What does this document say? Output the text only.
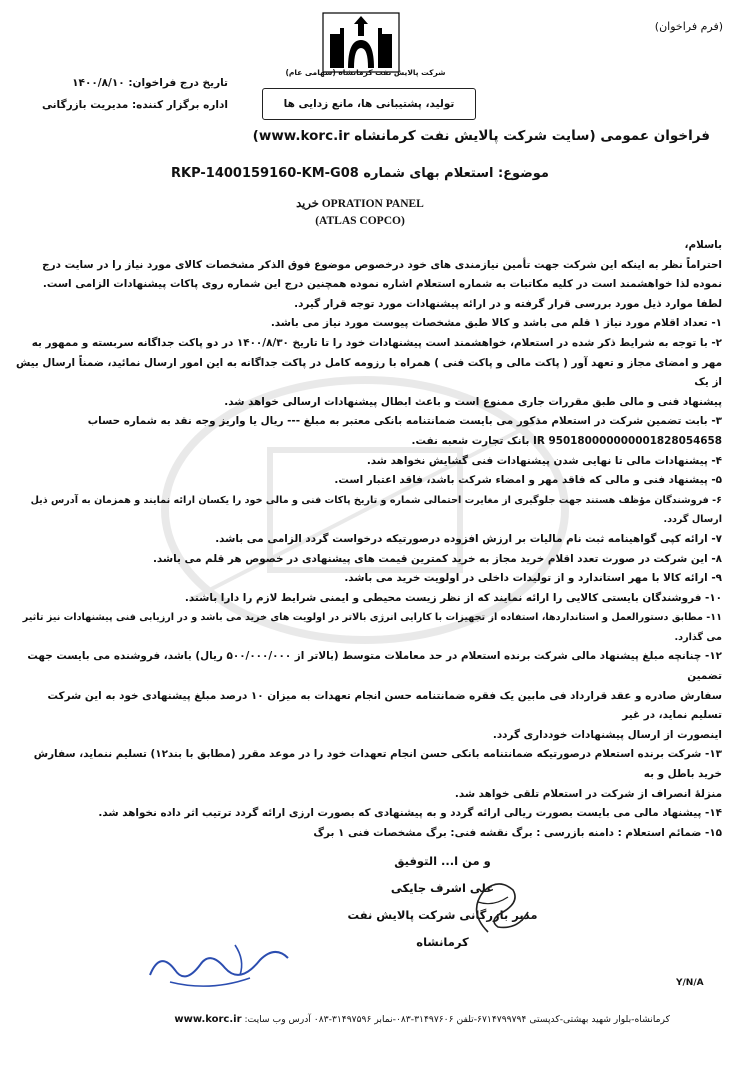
(فرم فراخوان)
شرکت پالایش نفت کرمانشاه (سهامی عام)
تولید، پشتیبانی ها، مانع زدایی ها
تاریخ درج فراخوان: ۱۴۰۰/۸/۱۰
اداره برگزار کننده: مدیریت بازرگانی
فراخوان عمومی (سایت شرکت پالایش نفت کرمانشاه www.korc.ir)
موضوع: استعلام بهای شماره RKP-1400159160-KM-G08
خرید OPRATION PANEL
(ATLAS COPCO)

باسلام،

احتراماً نظر به اینکه این شرکت جهت تأمین نیازمندی های خود درخصوص موضوع فوق الذکر مشخصات کالای مورد نیاز را در سایت درج

نموده لذا خواهشمند است در کلیه مکاتبات به شماره استعلام اشاره نموده همچنین درج این شماره روی پاکات پیشنهادات الزامی است.

لطفا موارد ذیل مورد بررسی قرار گرفته و در ارائه پیشنهادات مورد توجه قرار گیرد.

۱- تعداد اقلام مورد نیاز ۱ قلم می باشد و کالا طبق مشخصات پیوست مورد نیاز می باشد.

۲- با توجه به شرایط ذکر شده در استعلام، خواهشمند است پیشنهادات خود را تا تاریخ ۱۴۰۰/۸/۳۰ در دو پاکت جداگانه سربسته و ممهور به

مهر و امضای مجاز و تعهد آور ( پاکت مالی و پاکت فنی ) همراه با رزومه کامل در پاکت جداگانه به این امور ارسال نمائید، ضمناً ارسال بیش از یک

پیشنهاد فنی و مالی طبق مقررات جاری ممنوع است و باعث ابطال پیشنهادات ارسالی خواهد شد.

۳- بابت تضمین شرکت در استعلام مذکور می بایست ضمانتنامه بانکی معتبر به مبلغ --- ریال یا واریز وجه نقد به شماره حساب

IR 950180000000001828054658 بانک تجارت شعبه نفت.

۴- پیشنهادات مالی تا نهایی شدن پیشنهادات فنی گشایش نخواهد شد.

۵- پیشنهاد فنی و مالی که فاقد مهر و امضاء شرکت باشد، فاقد اعتبار است.

۶- فروشندگان مؤظف هستند جهت جلوگیری از مغایرت احتمالی شماره و تاریخ پاکات فنی و مالی خود را یکسان ارائه نمایند و همزمان به آدرس ذیل ارسال گردد.

۷- ارائه کپی گواهینامه ثبت نام مالیات بر ارزش افزوده درصورتیکه درخواست گردد الزامی می باشد.

۸- این شرکت در صورت تعدد اقلام خرید مجاز به خرید کمترین قیمت های پیشنهادی در خصوص هر قلم می باشد.

۹- ارائه کالا با مهر استاندارد و از تولیدات داخلی در اولویت خرید می باشد.

۱۰- فروشندگان بایستی کالایی را ارائه نمایند که از نظر زیست محیطی و ایمنی شرایط لازم را دارا باشند.

۱۱- مطابق دستورالعمل و استانداردها، استفاده از تجهیزات با کارایی انرژی بالاتر در اولویت های خرید می باشد و در ارزیابی فنی پیشنهادات نیز تاثیر می گذارد.

۱۲- چنانچه مبلغ پیشنهاد مالی شرکت برنده استعلام در حد معاملات متوسط (بالاتر از ۵۰۰/۰۰۰/۰۰۰ ریال) باشد، فروشنده می بایست جهت تضمین

سفارش صادره و عقد قرارداد فی مابین یک فقره ضمانتنامه حسن انجام تعهدات به میزان ۱۰ درصد مبلغ پیشنهادی خود به این شرکت تسلیم نماید، در غیر

اینصورت از ارسال پیشنهادات خودداری گردد.

۱۳- شرکت برنده استعلام درصورتیکه ضمانتنامه بانکی حسن انجام تعهدات خود را در موعد مقرر (مطابق با بند۱۲) تسلیم ننماید، سفارش خرید باطل و به

منزلهٔ انصراف از شرکت در استعلام تلقی خواهد شد.

۱۴- پیشنهاد مالی می بایست بصورت ریالی ارائه گردد و به پیشنهادی که بصورت ارزی ارائه گردد ترتیب اثر داده نخواهد شد.

۱۵- ضمائم استعلام : دامنه بازرسی : برگ نقشه فنی: برگ مشخصات فنی ۱ برگ

و من ا... التوفیق
علی اشرف جایکی
مدیر بازرگانی شرکت پالایش نفت کرمانشاه
Y/N/A
کرمانشاه-بلوار شهید بهشتی-کدپستی ۶۷۱۴۷۹۹۷۹۴-تلفن ۳۱۴۹۷۶۰۶-۰۸۳-نمابر ۳۱۴۹۷۵۹۶-۰۸۳ آدرس وب سایت: www.korc.ir
